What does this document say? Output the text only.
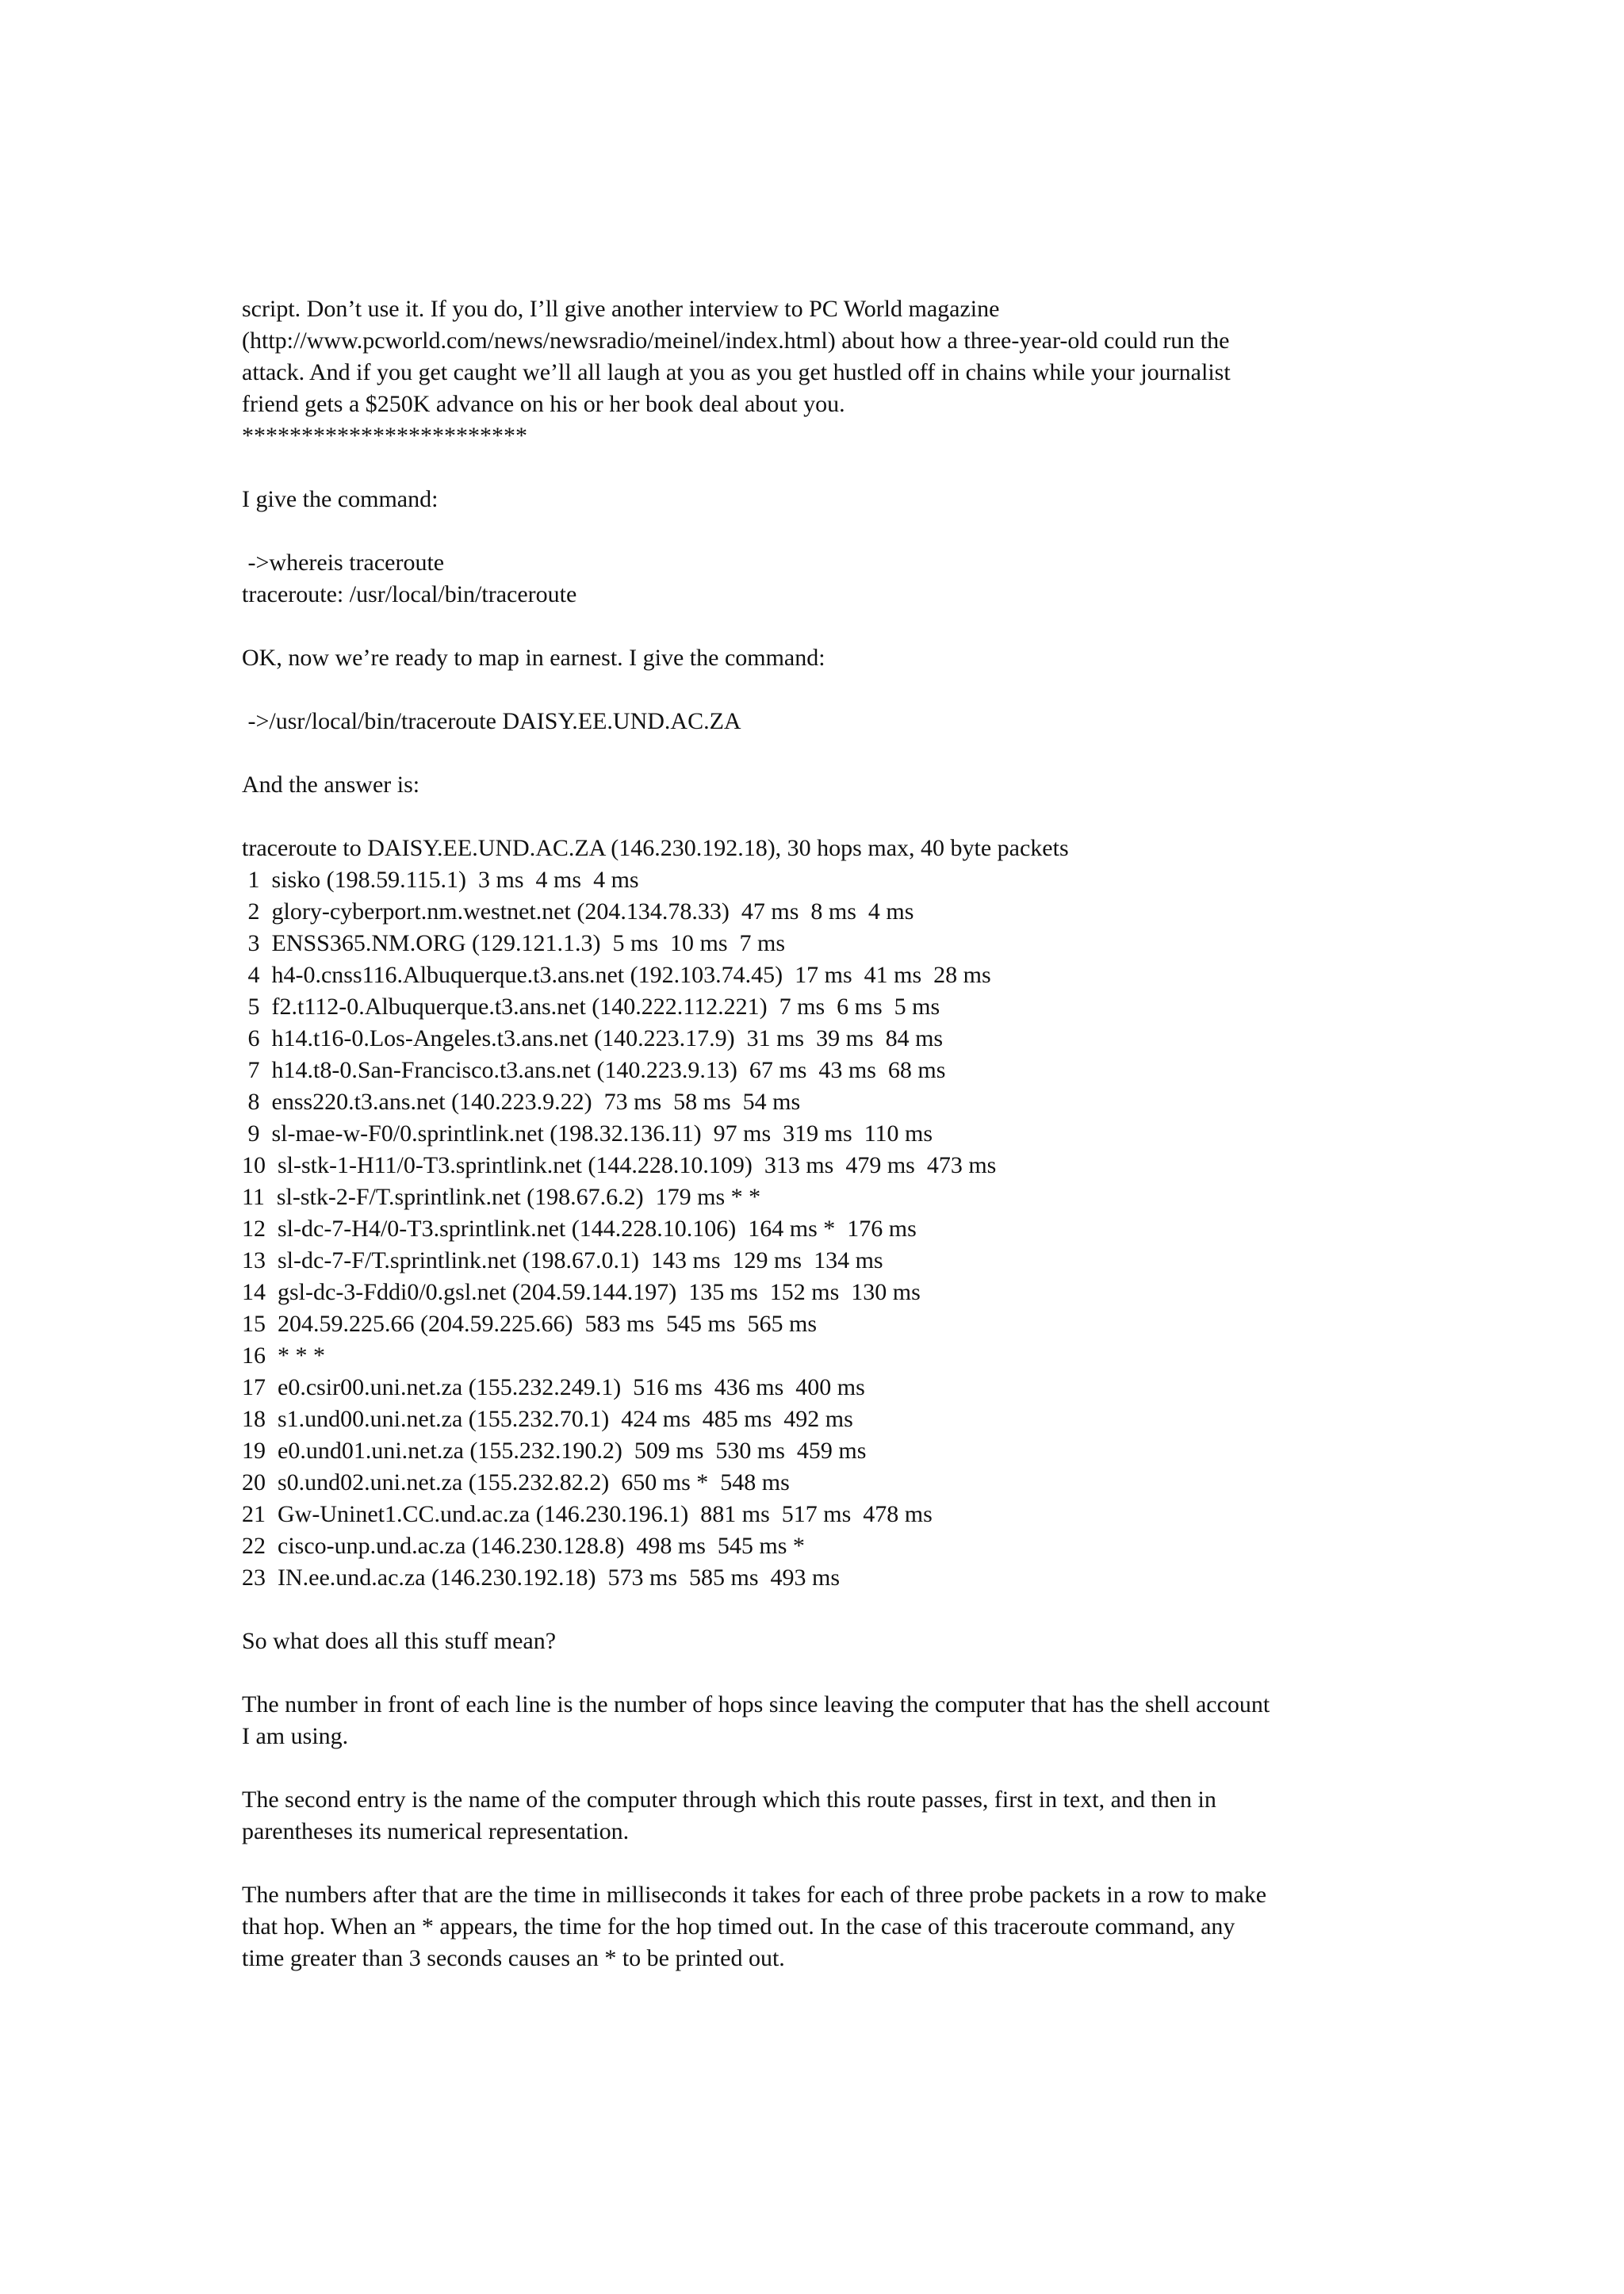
script. Don’t use it. If you do, I’ll give another interview to PC World magazine
(http://www.pcworld.com/news/newsradio/meinel/index.html) about how a three-year-old could run the
attack. And if you get caught we’ll all laugh at you as you get hustled off in chains while your journalist
friend gets a $250K advance on his or her book deal about you.
************************
I give the command:
->whereis traceroute
traceroute: /usr/local/bin/traceroute
OK, now we’re ready to map in earnest. I give the command:
->/usr/local/bin/traceroute DAISY.EE.UND.AC.ZA
And the answer is:
traceroute to DAISY.EE.UND.AC.ZA (146.230.192.18), 30 hops max, 40 byte packets
1  sisko (198.59.115.1)  3 ms  4 ms  4 ms
2  glory-cyberport.nm.westnet.net (204.134.78.33)  47 ms  8 ms  4 ms
3  ENSS365.NM.ORG (129.121.1.3)  5 ms  10 ms  7 ms
4  h4-0.cnss116.Albuquerque.t3.ans.net (192.103.74.45)  17 ms  41 ms  28 ms
5  f2.t112-0.Albuquerque.t3.ans.net (140.222.112.221)  7 ms  6 ms  5 ms
6  h14.t16-0.Los-Angeles.t3.ans.net (140.223.17.9)  31 ms  39 ms  84 ms
7  h14.t8-0.San-Francisco.t3.ans.net (140.223.9.13)  67 ms  43 ms  68 ms
8  enss220.t3.ans.net (140.223.9.22)  73 ms  58 ms  54 ms
9  sl-mae-w-F0/0.sprintlink.net (198.32.136.11)  97 ms  319 ms  110 ms
10  sl-stk-1-H11/0-T3.sprintlink.net (144.228.10.109)  313 ms  479 ms  473 ms
11  sl-stk-2-F/T.sprintlink.net (198.67.6.2)  179 ms * *
12  sl-dc-7-H4/0-T3.sprintlink.net (144.228.10.106)  164 ms *  176 ms
13  sl-dc-7-F/T.sprintlink.net (198.67.0.1)  143 ms  129 ms  134 ms
14  gsl-dc-3-Fddi0/0.gsl.net (204.59.144.197)  135 ms  152 ms  130 ms
15  204.59.225.66 (204.59.225.66)  583 ms  545 ms  565 ms
16  * * *
17  e0.csir00.uni.net.za (155.232.249.1)  516 ms  436 ms  400 ms
18  s1.und00.uni.net.za (155.232.70.1)  424 ms  485 ms  492 ms
19  e0.und01.uni.net.za (155.232.190.2)  509 ms  530 ms  459 ms
20  s0.und02.uni.net.za (155.232.82.2)  650 ms *  548 ms
21  Gw-Uninet1.CC.und.ac.za (146.230.196.1)  881 ms  517 ms  478 ms
22  cisco-unp.und.ac.za (146.230.128.8)  498 ms  545 ms *
23  IN.ee.und.ac.za (146.230.192.18)  573 ms  585 ms  493 ms
So what does all this stuff mean?
The number in front of each line is the number of hops since leaving the computer that has the shell account
I am using.
The second entry is the name of the computer through which this route passes, first in text, and then in
parentheses its numerical representation.
The numbers after that are the time in milliseconds it takes for each of three probe packets in a row to make
that hop. When an * appears, the time for the hop timed out. In the case of this traceroute command, any
time greater than 3 seconds causes an * to be printed out.
